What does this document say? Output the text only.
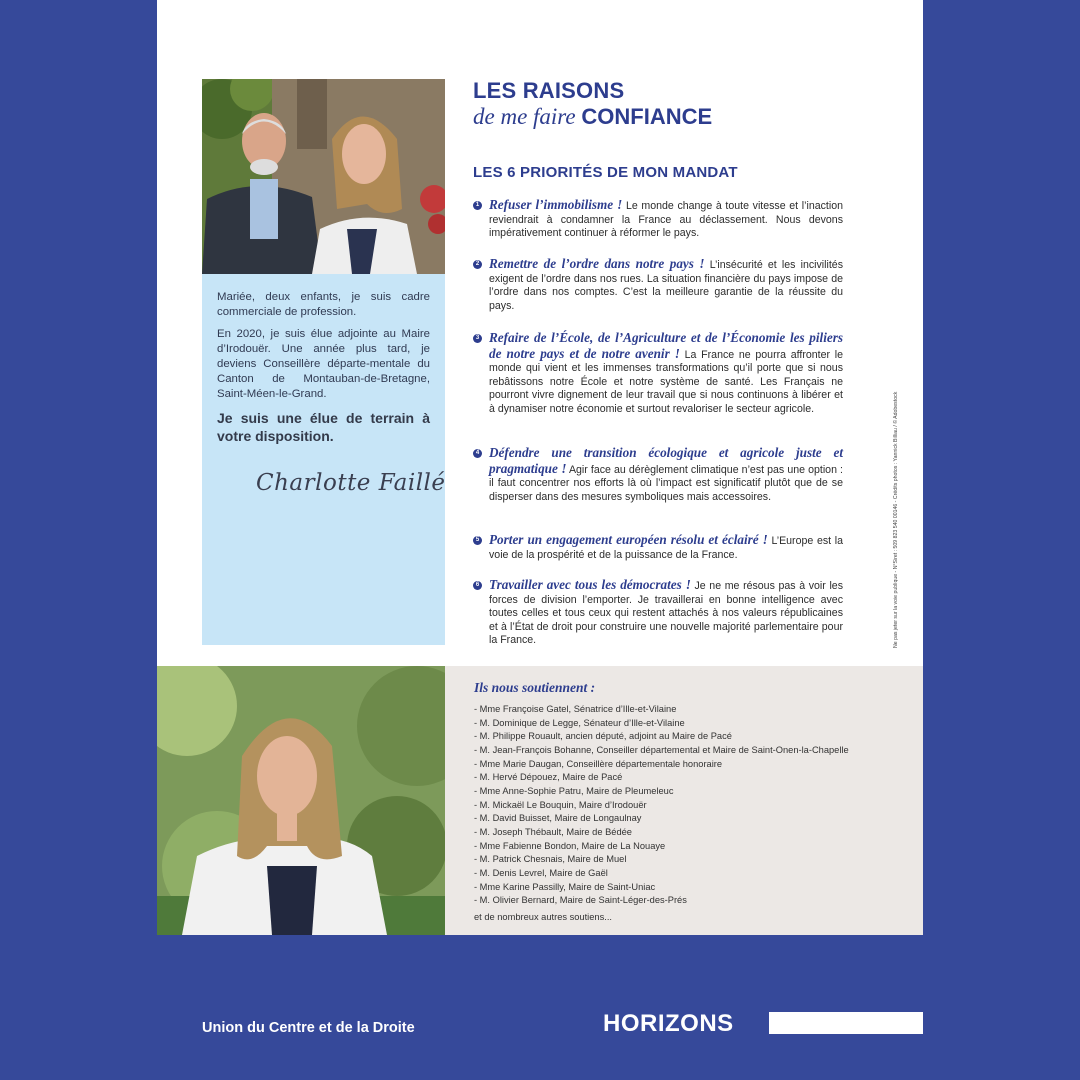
Mariée, deux enfants, je suis cadre commerciale de profession.

En 2020, je suis élue adjointe au Maire d’Irodouër. Une année plus tard, je deviens Conseillère départe-mentale du Canton de Montauban-de-Bretagne, Saint-Méen-le-Grand.

Je suis une élue de terrain à votre disposition.

Charlotte Faillé
LES RAISONS
de me faire CONFIANCE
LES 6 PRIORITÉS DE MON MANDAT
1 Refuser l’immobilisme ! Le monde change à toute vitesse et l’inaction reviendrait à condamner la France au déclassement. Nous devons impérativement continuer à réformer le pays.

2 Remettre de l’ordre dans notre pays ! L’insécurité et les incivilités exigent de l’ordre dans nos rues. La situation financière du pays impose de l’ordre dans nos comptes. C’est la meilleure garantie de la réussite du pays.

3 Refaire de l’École, de l’Agriculture et de l’Économie les piliers de notre pays et de notre avenir ! La France ne pourra affronter le monde qui vient et les immenses transformations qu’il porte que si nous rebâtissons notre École et notre système de santé. Les Français ne pourront vivre dignement de leur travail que si nous continuons à libérer et à dynamiser notre économie et surtout revaloriser le secteur agricole.

4 Défendre une transition écologique et agricole juste et pragmatique ! Agir face au dérèglement climatique n’est pas une option : il faut concentrer nos efforts là où l’impact est significatif plutôt que de se disperser dans des mesures symboliques mais accessoires.

5 Porter un engagement européen résolu et éclairé ! L’Europe est la voie de la prospérité et de la puissance de la France.

6 Travailler avec tous les démocrates ! Je ne me résous pas à voir les forces de division l’emporter. Je travaillerai en bonne intelligence avec toutes celles et tous ceux qui restent attachés à nos valeurs républicaines et à l’État de droit pour construire une nouvelle majorité parlementaire pour la France.	Ne pas jeter sur la voie publique - N°Siret : 509 823 540 00146 - Crédits photos : Yannick Billiau / © Adobestock
Ils nous soutiennent :
- Mme Françoise Gatel, Sénatrice d’Ille-et-Vilaine
- M. Dominique de Legge, Sénateur d’Ille-et-Vilaine
- M. Philippe Rouault, ancien député, adjoint au Maire de Pacé
- M. Jean-François Bohanne, Conseiller départemental et Maire de Saint-Onen-la-Chapelle
- Mme Marie Daugan, Conseillère départementale honoraire
- M. Hervé Dépouez, Maire de Pacé
- Mme Anne-Sophie Patru, Maire de Pleumeleuc
- M. Mickaël Le Bouquin, Maire d’Irodouër
- M. David Buisset, Maire de Longaulnay
- M. Joseph Thébault, Maire de Bédée
- Mme Fabienne Bondon, Maire de La Nouaye
- M. Patrick Chesnais, Maire de Muel
- M. Denis Levrel, Maire de Gaël
- Mme Karine Passilly, Maire de Saint-Uniac
- M. Olivier Bernard, Maire de Saint-Léger-des-Prés
et de nombreux autres soutiens...
Union du Centre et de la Droite	HORIZONS
